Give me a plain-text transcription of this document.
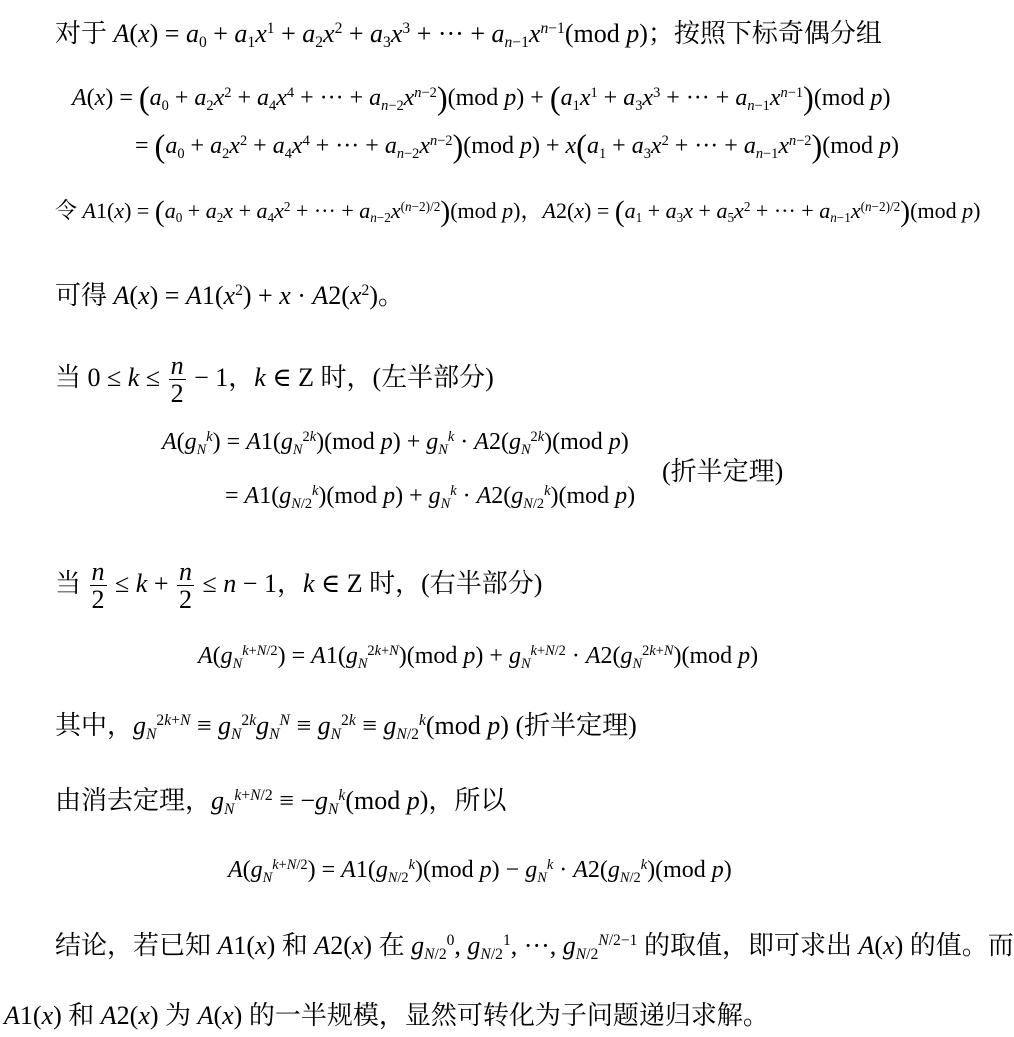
对于 $A(x) = a_0 + a_1x^1 + a_2x^2 + a_3x^3$ + ··· + $a_{n-1}x^{n-1}(mod$ p)；按照下标奇偶分组
$A(x) = (a_0 + a_2x^2 + a_4x^4$ + ··· + $a_{n-2}x^{n-2})(mod$ $p) + (a_1x^1 + a_3x^3$ + ··· + $a_{n-1}x^{n-1})(mod$ p)
= ($a_0 + a_2x^2 + a_4x^4$ + ··· + $a_{n-2}x^{n-2})(mod$ $p) + x(a_1 + a_3x^2$ + ··· + $a_{n-1}x^{n-2})(mod$ p)
令 $A1(x) = (a_0 + a_2x + a_4x^2$ + ··· + $a_{n-2}x^{(n-2)/2})(mod$ p)，$A2(x) = (a_1 + a_3x + a_5x^2$ + ··· + $a_{n-1}x^{(n-2)/2})(mod$ p)
可得 $A(x) = A1(x^2) + x \cdot A2(x^2)$。
当 $0 \le k \le \frac{n}{2} - 1$，k ∈ Z 时，(左半部分)
$A(g_N^k) = A1(g_N^{2k})(mod$ $p) + g_N^k \cdot A2(g_N^{2k})(mod$ p)
= $A1(g_{N/2}^k)(mod$ $p) + g_N^k \cdot A2(g_{N/2}^k)(mod$ p)
(折半定理)
当 $\frac{n}{2} \le k + \frac{n}{2} \le n - 1$，k ∈ Z 时，(右半部分)
$A(g_N^{k+N/2}) = A1(g_N^{2k+N})(mod$ $p) + g_N^{k+N/2} \cdot A2(g_N^{2k+N})(mod$ p)
其中，$g_N^{2k+N} \equiv g_N^{2k}g_N^N \equiv g_N^{2k} \equiv g_{N/2}^k(mod$ p) (折半定理)
由消去定理，$g_N^{k+N/2} \equiv -g_N^k(mod$ p)，所以
$A(g_N^{k+N/2}) = A1(g_{N/2}^k)(mod$ $p) - g_N^k \cdot A2(g_{N/2}^k)(mod$ p)
结论，若已知 A1(x) 和 A2(x) 在 $g_{N/2}^0$, $g_{N/2}^1$, ···, $g_{N/2}^{N/2-1}$ 的取值，即可求出 A(x) 的值。而
A1(x) 和 A2(x) 为 A(x) 的一半规模，显然可转化为子问题递归求解。
